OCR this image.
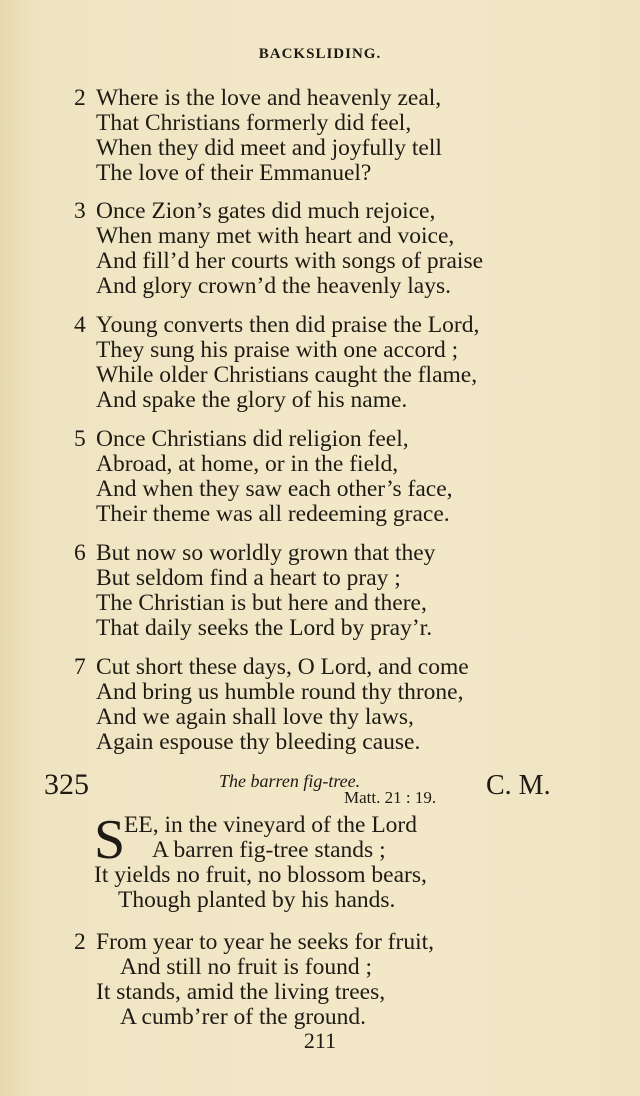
BACKSLIDING.
2 Where is the love and heavenly zeal,
That Christians formerly did feel,
When they did meet and joyfully tell
The love of their Emmanuel?
3 Once Zion’s gates did much rejoice,
When many met with heart and voice,
And fill’d her courts with songs of praise
And glory crown’d the heavenly lays.
4 Young converts then did praise the Lord,
They sung his praise with one accord ;
While older Christians caught the flame,
And spake the glory of his name.
5 Once Christians did religion feel,
Abroad, at home, or in the field,
And when they saw each other’s face,
Their theme was all redeeming grace.
6 But now so worldly grown that they
But seldom find a heart to pray ;
The Christian is but here and there,
That daily seeks the Lord by pray’r.
7 Cut short these days, O Lord, and come
And bring us humble round thy throne,
And we again shall love thy laws,
Again espouse thy bleeding cause.
325	The barren fig-tree.
Matt. 21 : 19. C. M.
S
EE, in the vineyard of the Lord
A barren fig-tree stands ;
It yields no fruit, no blossom bears,
Though planted by his hands.
2 From year to year he seeks for fruit,
And still no fruit is found ;
It stands, amid the living trees,
A cumb’rer of the ground.
211
